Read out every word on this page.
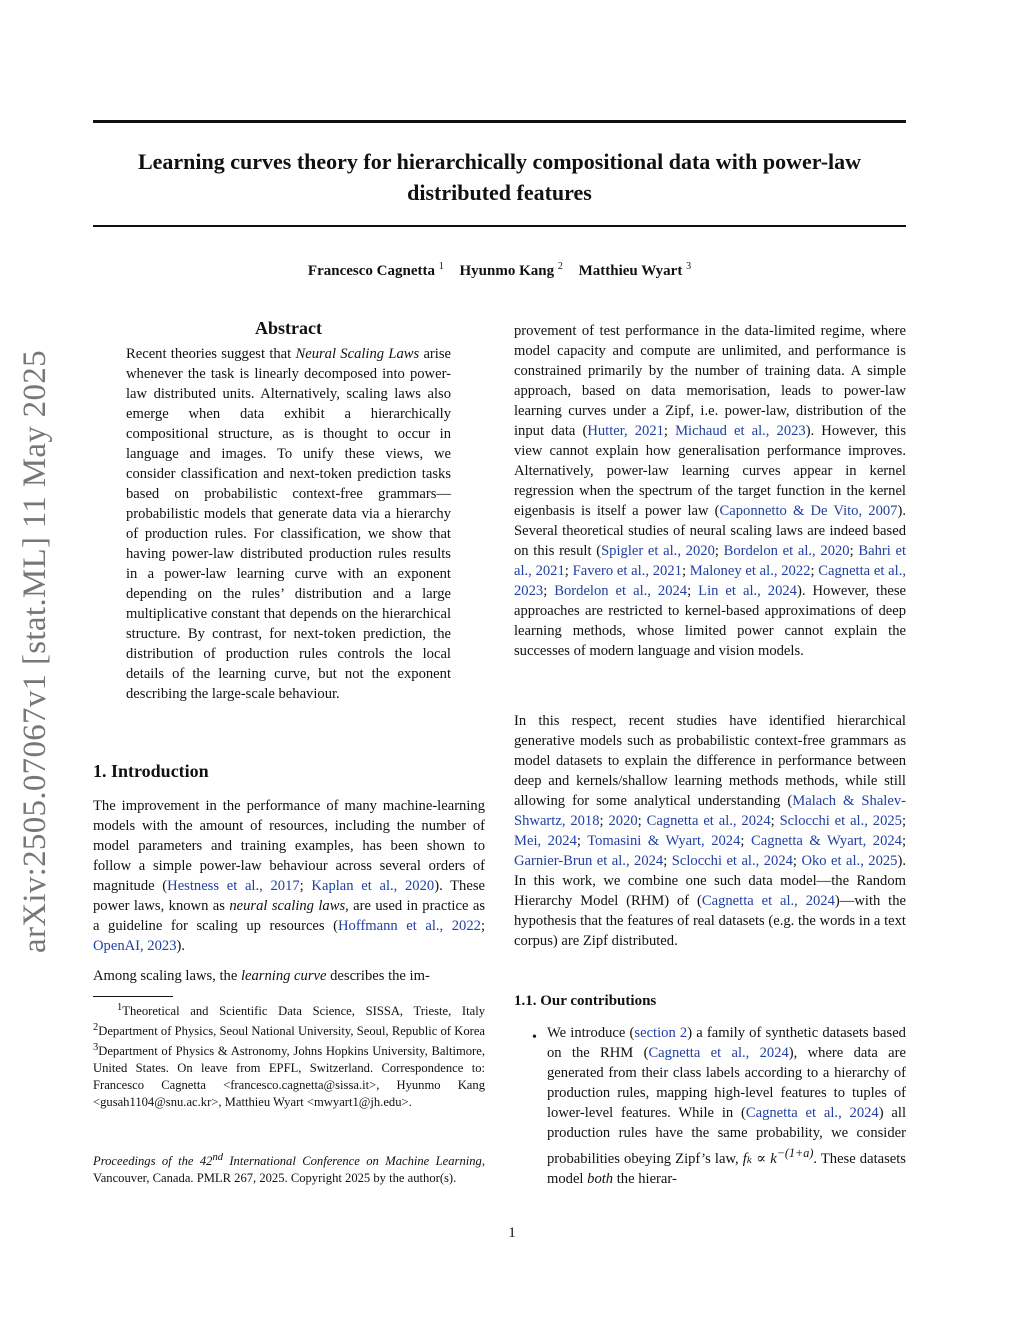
Learning curves theory for hierarchically compositional data with power-law distributed features
Francesco Cagnetta $^1$ Hyunmo Kang $^2$ Matthieu Wyart $^3$
arXiv:2505.07067v1 [stat.ML] 11 May 2025
Abstract
Recent theories suggest that Neural Scaling Laws arise whenever the task is linearly decomposed into power-law distributed units. Alternatively, scaling laws also emerge when data exhibit a hierarchically compositional structure, as is thought to occur in language and images. To unify these views, we consider classification and next-token prediction tasks based on probabilistic context-free grammars—probabilistic models that generate data via a hierarchy of production rules. For classification, we show that having power-law distributed production rules results in a power-law learning curve with an exponent depending on the rules’ distribution and a large multiplicative constant that depends on the hierarchical structure. By contrast, for next-token prediction, the distribution of production rules controls the local details of the learning curve, but not the exponent describing the large-scale behaviour.
1. Introduction
The improvement in the performance of many machine-learning models with the amount of resources, including the number of model parameters and training examples, has been shown to follow a simple power-law behaviour across several orders of magnitude (Hestness et al., 2017; Kaplan et al., 2020). These power laws, known as neural scaling laws, are used in practice as a guideline for scaling up resources (Hoffmann et al., 2022; OpenAI, 2023).
Among scaling laws, the learning curve describes the im-
$^1$Theoretical and Scientific Data Science, SISSA, Trieste, Italy $^2$Department of Physics, Seoul National University, Seoul, Republic of Korea $^3$Department of Physics & Astronomy, Johns Hopkins University, Baltimore, United States. On leave from EPFL, Switzerland. Correspondence to: Francesco Cagnetta <francesco.cagnetta@sissa.it>, Hyunmo Kang <gusah1104@snu.ac.kr>, Matthieu Wyart <mwyart1@jh.edu>.
Proceedings of the 42nd International Conference on Machine Learning, Vancouver, Canada. PMLR 267, 2025. Copyright 2025 by the author(s).
provement of test performance in the data-limited regime, where model capacity and compute are unlimited, and performance is constrained primarily by the number of training data. A simple approach, based on data memorisation, leads to power-law learning curves under a Zipf, i.e. power-law, distribution of the input data (Hutter, 2021; Michaud et al., 2023). However, this view cannot explain how generalisation performance improves. Alternatively, power-law learning curves appear in kernel regression when the spectrum of the target function in the kernel eigenbasis is itself a power law (Caponnetto & De Vito, 2007). Several theoretical studies of neural scaling laws are indeed based on this result (Spigler et al., 2020; Bordelon et al., 2020; Bahri et al., 2021; Favero et al., 2021; Maloney et al., 2022; Cagnetta et al., 2023; Bordelon et al., 2024; Lin et al., 2024). However, these approaches are restricted to kernel-based approximations of deep learning methods, whose limited power cannot explain the successes of modern language and vision models.
In this respect, recent studies have identified hierarchical generative models such as probabilistic context-free grammars as model datasets to explain the difference in performance between deep and kernels/shallow learning methods methods, while still allowing for some analytical understanding (Malach & Shalev-Shwartz, 2018; 2020; Cagnetta et al., 2024; Sclocchi et al., 2025; Mei, 2024; Tomasini & Wyart, 2024; Cagnetta & Wyart, 2024; Garnier-Brun et al., 2024; Sclocchi et al., 2024; Oko et al., 2025). In this work, we combine one such data model—the Random Hierarchy Model (RHM) of (Cagnetta et al., 2024)—with the hypothesis that the features of real datasets (e.g. the words in a text corpus) are Zipf distributed.
1.1. Our contributions
• We introduce (section 2) a family of synthetic datasets based on the RHM (Cagnetta et al., 2024), where data are generated from their class labels according to a hierarchy of production rules, mapping high-level features to tuples of lower-level features. While in (Cagnetta et al., 2024) all production rules have the same probability, we consider probabilities obeying Zipf’s law, $f_k \propto k^{-(1+a)}$. These datasets model both the hierar-
1
